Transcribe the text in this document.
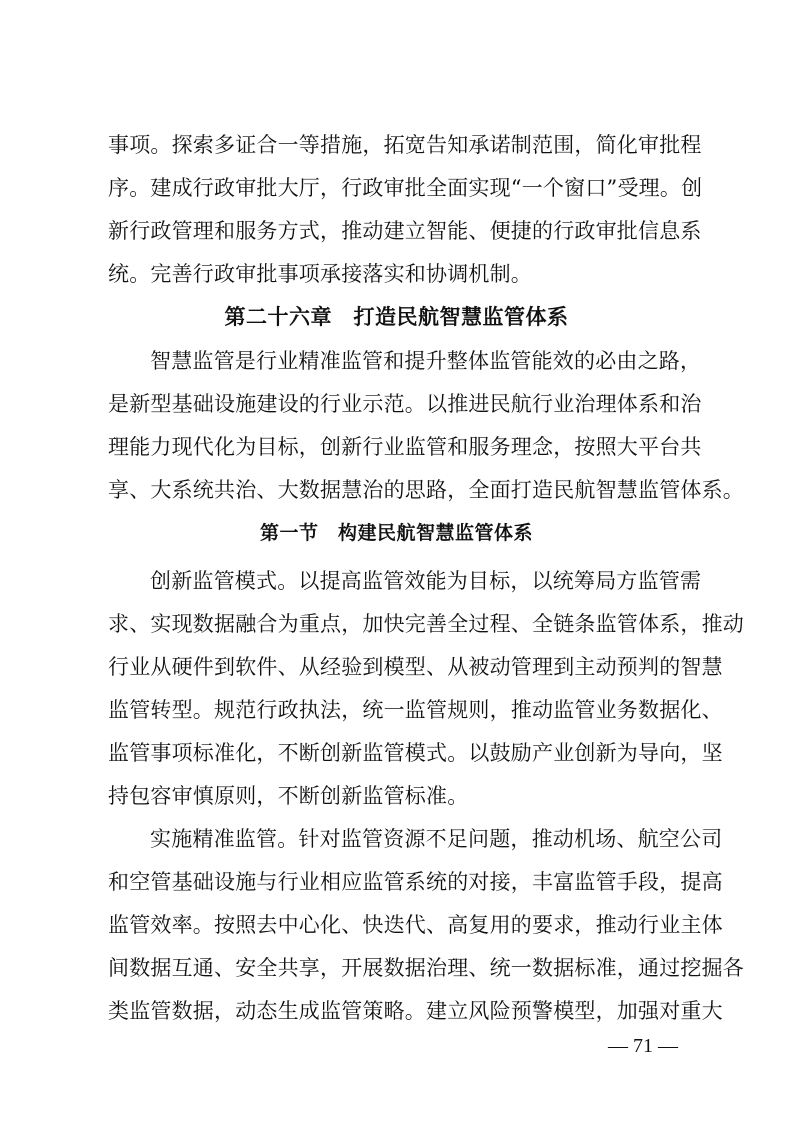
事项。探索多证合一等措施，拓宽告知承诺制范围，简化审批程
序。建成行政审批大厅，行政审批全面实现“一个窗口”受理。创
新行政管理和服务方式，推动建立智能、便捷的行政审批信息系
统。完善行政审批事项承接落实和协调机制。
第二十六章　打造民航智慧监管体系
智慧监管是行业精准监管和提升整体监管能效的必由之路，
是新型基础设施建设的行业示范。以推进民航行业治理体系和治
理能力现代化为目标，创新行业监管和服务理念，按照大平台共
享、大系统共治、大数据慧治的思路，全面打造民航智慧监管体系。
第一节　构建民航智慧监管体系
创新监管模式。以提高监管效能为目标，以统筹局方监管需
求、实现数据融合为重点，加快完善全过程、全链条监管体系，推动
行业从硬件到软件、从经验到模型、从被动管理到主动预判的智慧
监管转型。规范行政执法，统一监管规则，推动监管业务数据化、
监管事项标准化，不断创新监管模式。以鼓励产业创新为导向，坚
持包容审慎原则，不断创新监管标准。
实施精准监管。针对监管资源不足问题，推动机场、航空公司
和空管基础设施与行业相应监管系统的对接，丰富监管手段，提高
监管效率。按照去中心化、快迭代、高复用的要求，推动行业主体
间数据互通、安全共享，开展数据治理、统一数据标准，通过挖掘各
类监管数据，动态生成监管策略。建立风险预警模型，加强对重大
— 71 —
